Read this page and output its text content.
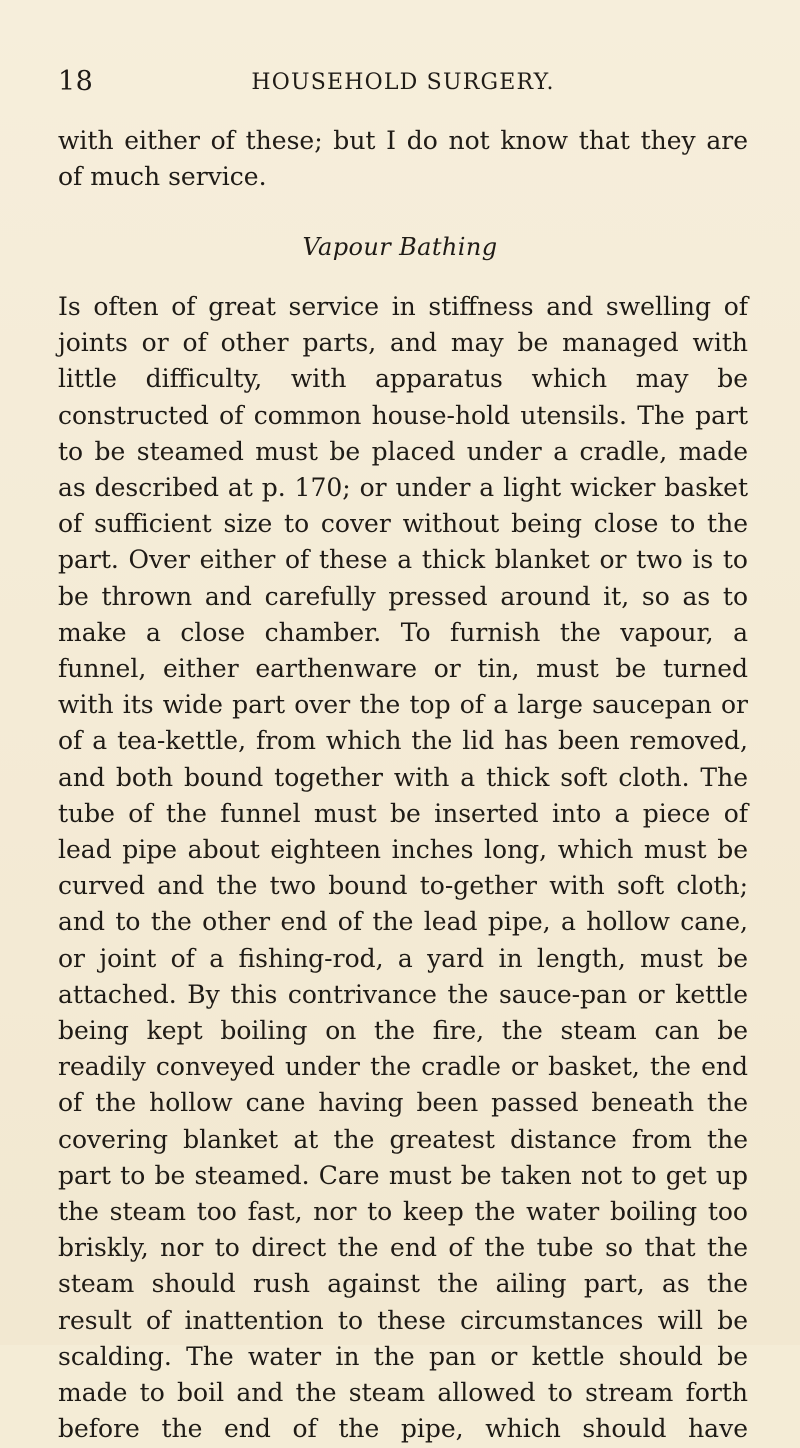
18	HOUSEHOLD SURGERY.

with either of these; but I do not know that they are of much service.

Vapour Bathing

Is often of great service in stiffness and swelling of joints or of other parts, and may be managed with little difficulty, with apparatus which may be constructed of common house-hold utensils. The part to be steamed must be placed under a cradle, made as described at p. 170; or under a light wicker basket of sufficient size to cover without being close to the part. Over either of these a thick blanket or two is to be thrown and carefully pressed around it, so as to make a close chamber. To furnish the vapour, a funnel, either earthenware or tin, must be turned with its wide part over the top of a large saucepan or of a tea-kettle, from which the lid has been removed, and both bound together with a thick soft cloth. The tube of the funnel must be inserted into a piece of lead pipe about eighteen inches long, which must be curved and the two bound to-gether with soft cloth; and to the other end of the lead pipe, a hollow cane, or joint of a fishing-rod, a yard in length, must be attached. By this contrivance the sauce-pan or kettle being kept boiling on the fire, the steam can be readily conveyed under the cradle or basket, the end of the hollow cane having been passed beneath the covering blanket at the greatest distance from the part to be steamed. Care must be taken not to get up the steam too fast, nor to keep the water boiling too briskly, nor to direct the end of the tube so that the steam should rush against the ailing part, as the result of inattention to these circumstances will be scalding. The water in the pan or kettle should be made to boil and the steam allowed to stream forth before the end of the pipe, which should have
